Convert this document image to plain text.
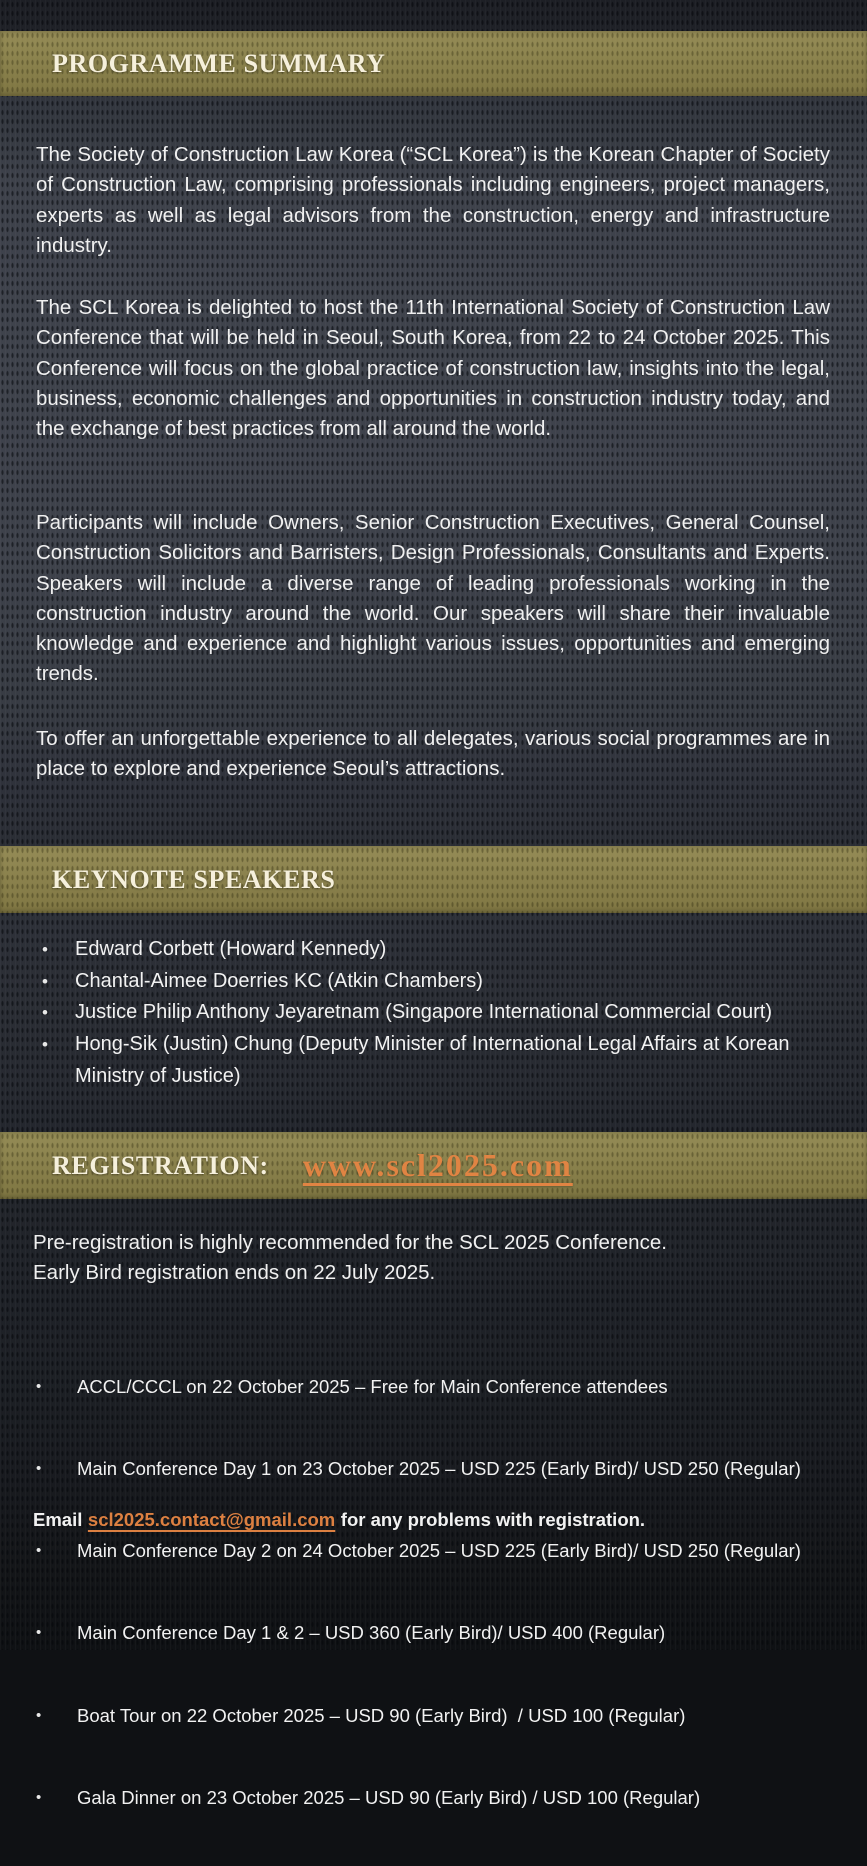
PROGRAMME SUMMARY

The Society of Construction Law Korea (“SCL Korea”) is the Korean Chapter of Society of Construction Law, comprising professionals including engineers, project managers, experts as well as legal advisors from the construction, energy and infrastructure industry.

The SCL Korea is delighted to host the 11th International Society of Construction Law Conference that will be held in Seoul, South Korea, from 22 to 24 October 2025. This Conference will focus on the global practice of construction law, insights into the legal, business, economic challenges and opportunities in construction industry today, and the exchange of best practices from all around the world.

Participants will include Owners, Senior Construction Executives, General Counsel, Construction Solicitors and Barristers, Design Professionals, Consultants and Experts. Speakers will include a diverse range of leading professionals working in the construction industry around the world. Our speakers will share their invaluable knowledge and experience and highlight various issues, opportunities and emerging trends.

To offer an unforgettable experience to all delegates, various social programmes are in place to explore and experience Seoul’s attractions.

KEYNOTE SPEAKERS
• Edward Corbett (Howard Kennedy)
• Chantal-Aimee Doerries KC (Atkin Chambers)
• Justice Philip Anthony Jeyaretnam (Singapore International Commercial Court)
• Hong-Sik (Justin) Chung (Deputy Minister of International Legal Affairs at Korean Ministry of Justice)
REGISTRATION: www.scl2025.com
Pre-registration is highly recommended for the SCL 2025 Conference.
Early Bird registration ends on 22 July 2025.

• ACCL/CCCL on 22 October 2025 – Free for Main Conference attendees

• Main Conference Day 1 on 23 October 2025 – USD 225 (Early Bird)/ USD 250 (Regular)

• Main Conference Day 2 on 24 October 2025 – USD 225 (Early Bird)/ USD 250 (Regular)

• Main Conference Day 1 & 2 – USD 360 (Early Bird)/ USD 400 (Regular)

• Boat Tour on 22 October 2025 – USD 90 (Early Bird)  / USD 100 (Regular)

• Gala Dinner on 23 October 2025 – USD 90 (Early Bird) / USD 100 (Regular)

Email scl2025.contact@gmail.com for any problems with registration.
